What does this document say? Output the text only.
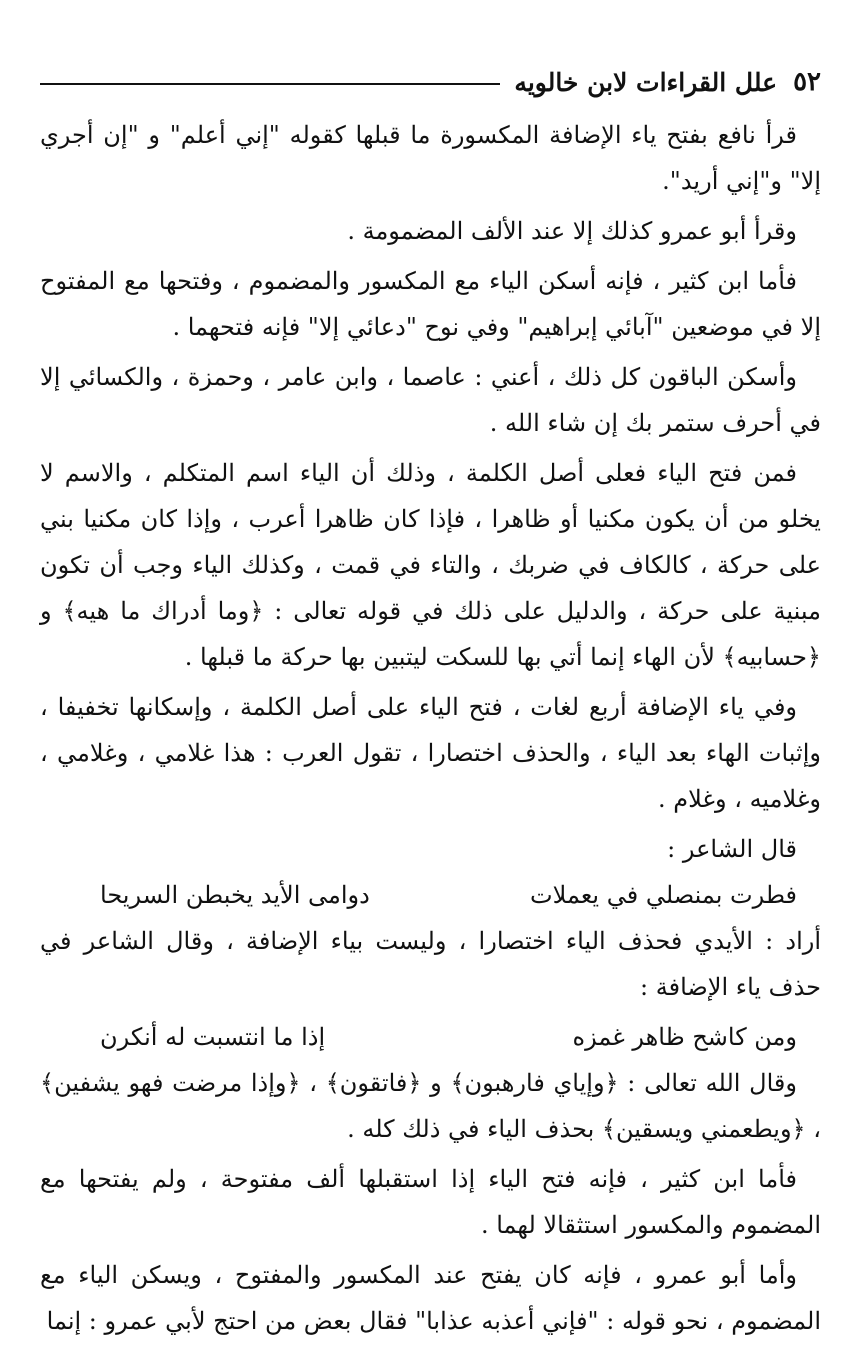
٥٢
علل القراءات لابن خالويه

قرأ نافع بفتح ياء الإضافة المكسورة ما قبلها كقوله "إني أعلم" و "إن أجري إلا" و"إني أريد".

وقرأ أبو عمرو كذلك إلا عند الألف المضمومة .

فأما ابن كثير ، فإنه أسكن الياء مع المكسور والمضموم ، وفتحها مع المفتوح إلا في موضعين "آبائي إبراهيم" وفي نوح "دعائي إلا" فإنه فتحهما .

وأسكن الباقون كل ذلك ، أعني : عاصما ، وابن عامر ، وحمزة ، والكسائي إلا في أحرف ستمر بك إن شاء الله .

فمن فتح الياء فعلى أصل الكلمة ، وذلك أن الياء اسم المتكلم ، والاسم لا يخلو من أن يكون مكنيا أو ظاهرا ، فإذا كان ظاهرا أعرب ، وإذا كان مكنيا بني على حركة ، كالكاف في ضربك ، والتاء في قمت ، وكذلك الياء وجب أن تكون مبنية على حركة ، والدليل على ذلك في قوله تعالى : ﴿وما أدراك ما هيه﴾ و ﴿حسابيه﴾ لأن الهاء إنما أتي بها للسكت ليتبين بها حركة ما قبلها .

وفي ياء الإضافة أربع لغات ، فتح الياء على أصل الكلمة ، وإسكانها تخفيفا ، وإثبات الهاء بعد الياء ، والحذف اختصارا ، تقول العرب : هذا غلامي ، وغلامي ، وغلاميه ، وغلام .

قال الشاعر :

فطرت بمنصلي في يعملات
دوامى الأيد يخبطن السريحا

أراد : الأيدي فحذف الياء اختصارا ، وليست بياء الإضافة ، وقال الشاعر في حذف ياء الإضافة :

ومن كاشح ظاهر غمزه
إذا ما انتسبت له أنكرن

وقال الله تعالى : ﴿وإياي فارهبون﴾ و ﴿فاتقون﴾ ، ﴿وإذا مرضت فهو يشفين﴾ ، ﴿ويطعمني ويسقين﴾ بحذف الياء في ذلك كله .

فأما ابن كثير ، فإنه فتح الياء إذا استقبلها ألف مفتوحة ، ولم يفتحها مع المضموم والمكسور استثقالا لهما .

وأما أبو عمرو ، فإنه كان يفتح عند المكسور والمفتوح ، ويسكن الياء مع المضموم ، نحو قوله : "فإني أعذبه عذابا" فقال بعض من احتج لأبي عمرو : إنما
